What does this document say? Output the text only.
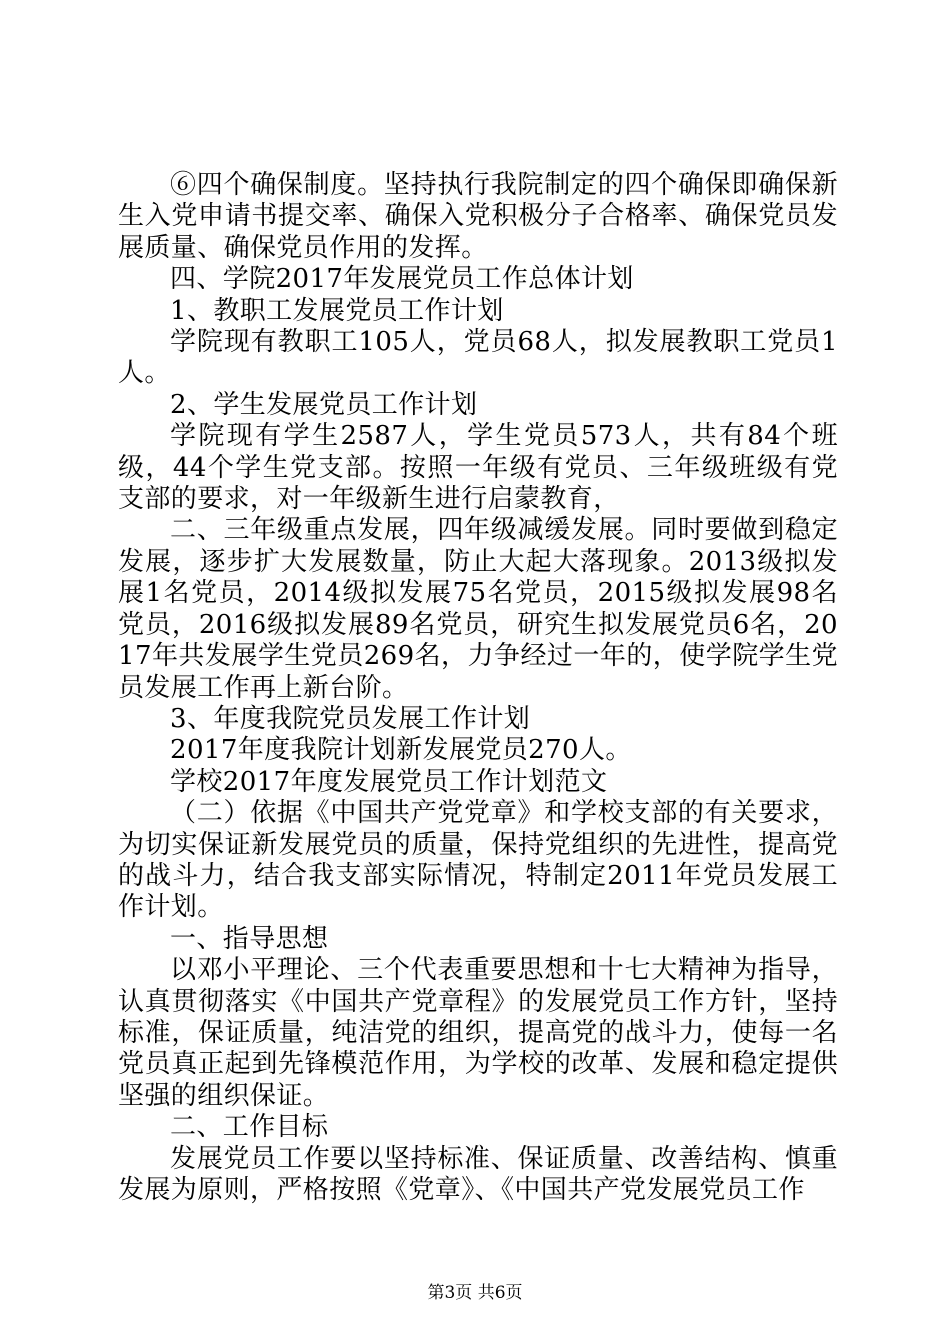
⑥四个确保制度。坚持执行我院制定的四个确保即确保新生入党申请书提交率、确保入党积极分子合格率、确保党员发展质量、确保党员作用的发挥。

四、学院2017年发展党员工作总体计划

1、教职工发展党员工作计划

学院现有教职工105人，党员68人，拟发展教职工党员1人。

2、学生发展党员工作计划

学院现有学生2587人，学生党员573人，共有84个班级，44个学生党支部。按照一年级有党员、三年级班级有党支部的要求，对一年级新生进行启蒙教育，

二、三年级重点发展，四年级减缓发展。同时要做到稳定发展，逐步扩大发展数量，防止大起大落现象。2013级拟发展1名党员，2014级拟发展75名党员，2015级拟发展98名党员，2016级拟发展89名党员，研究生拟发展党员6名，2017年共发展学生党员269名，力争经过一年的，使学院学生党员发展工作再上新台阶。

3、年度我院党员发展工作计划

2017年度我院计划新发展党员270人。

学校2017年度发展党员工作计划范文

（二）依据《中国共产党党章》和学校支部的有关要求，为切实保证新发展党员的质量，保持党组织的先进性，提高党的战斗力，结合我支部实际情况，特制定2011年党员发展工作计划。

一、指导思想

以邓小平理论、三个代表重要思想和十七大精神为指导，认真贯彻落实《中国共产党章程》的发展党员工作方针，坚持标准，保证质量，纯洁党的组织，提高党的战斗力，使每一名党员真正起到先锋模范作用，为学校的改革、发展和稳定提供坚强的组织保证。

二、工作目标

发展党员工作要以坚持标准、保证质量、改善结构、慎重发展为原则，严格按照《党章》、《中国共产党发展党员工作

第3页 共6页
